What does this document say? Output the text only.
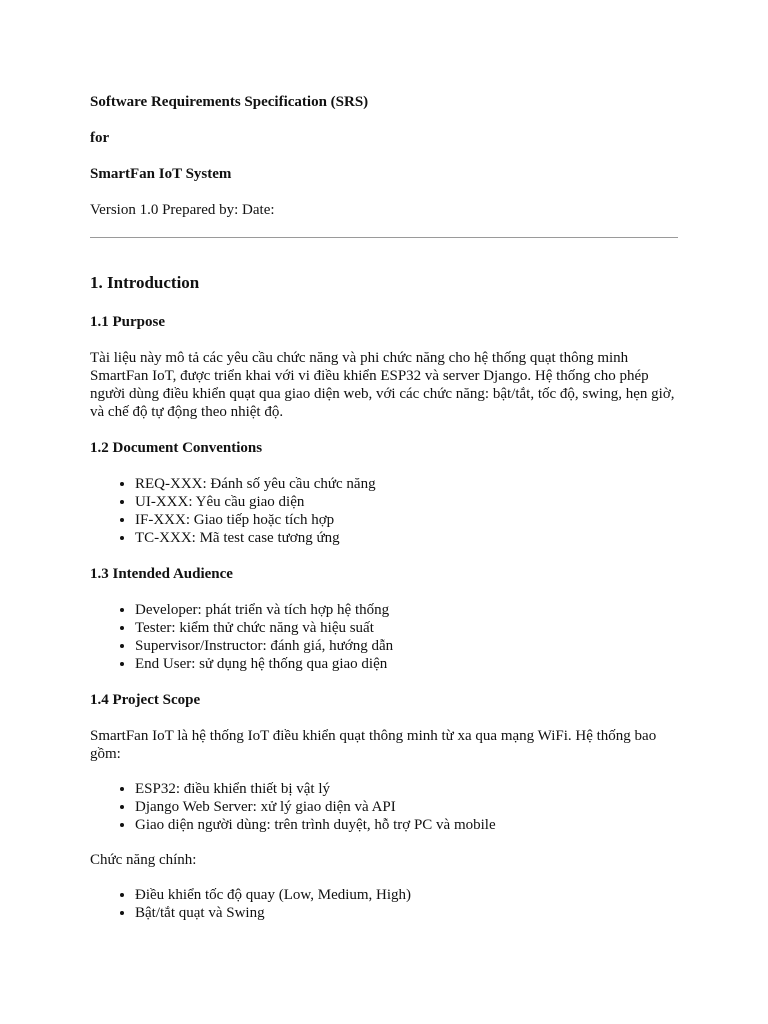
Software Requirements Specification (SRS)

for

SmartFan IoT System

Version 1.0 Prepared by: Date:

1. Introduction
1.1 Purpose

Tài liệu này mô tả các yêu cầu chức năng và phi chức năng cho hệ thống quạt thông minh SmartFan IoT, được triển khai với vi điều khiển ESP32 và server Django. Hệ thống cho phép người dùng điều khiển quạt qua giao diện web, với các chức năng: bật/tắt, tốc độ, swing, hẹn giờ, và chế độ tự động theo nhiệt độ.

1.2 Document Conventions
• REQ-XXX: Đánh số yêu cầu chức năng
• UI-XXX: Yêu cầu giao diện
• IF-XXX: Giao tiếp hoặc tích hợp
• TC-XXX: Mã test case tương ứng
1.3 Intended Audience
• Developer: phát triển và tích hợp hệ thống
• Tester: kiểm thử chức năng và hiệu suất
• Supervisor/Instructor: đánh giá, hướng dẫn
• End User: sử dụng hệ thống qua giao diện
1.4 Project Scope

SmartFan IoT là hệ thống IoT điều khiển quạt thông minh từ xa qua mạng WiFi. Hệ thống bao gồm:

• ESP32: điều khiển thiết bị vật lý
• Django Web Server: xử lý giao diện và API
• Giao diện người dùng: trên trình duyệt, hỗ trợ PC và mobile

Chức năng chính:

• Điều khiển tốc độ quay (Low, Medium, High)
• Bật/tắt quạt và Swing
